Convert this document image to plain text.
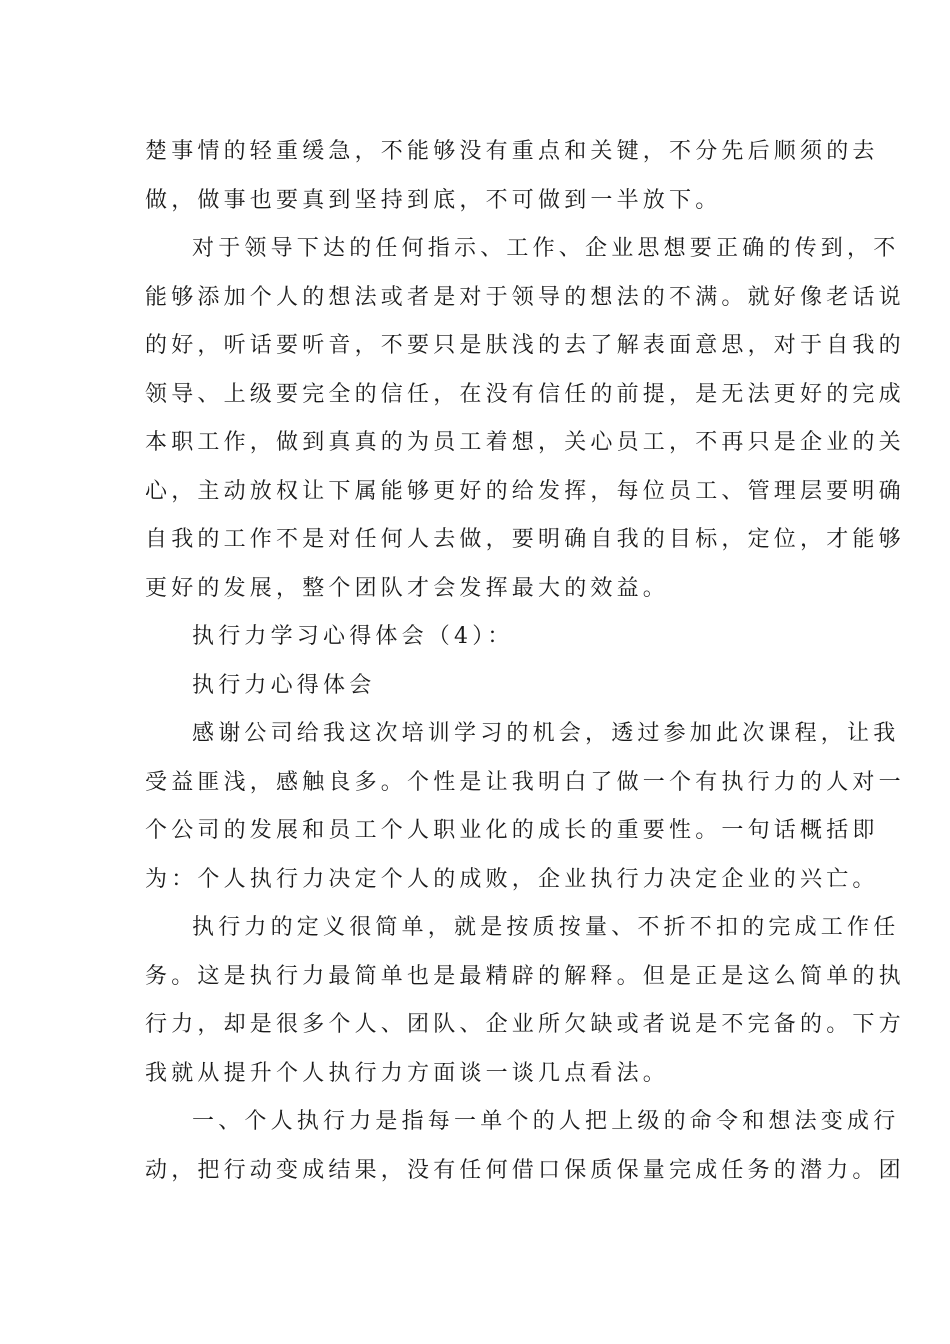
楚事情的轻重缓急，不能够没有重点和关键，不分先后顺须的去
做，做事也要真到坚持到底，不可做到一半放下。
对于领导下达的任何指示、工作、企业思想要正确的传到，不
能够添加个人的想法或者是对于领导的想法的不满。就好像老话说
的好，听话要听音，不要只是肤浅的去了解表面意思，对于自我的
领导、上级要完全的信任，在没有信任的前提，是无法更好的完成
本职工作，做到真真的为员工着想，关心员工，不再只是企业的关
心，主动放权让下属能够更好的给发挥，每位员工、管理层要明确
自我的工作不是对任何人去做，要明确自我的目标，定位，才能够
更好的发展，整个团队才会发挥最大的效益。
执行力学习心得体会（4）：
执行力心得体会
感谢公司给我这次培训学习的机会，透过参加此次课程，让我
受益匪浅，感触良多。个性是让我明白了做一个有执行力的人对一
个公司的发展和员工个人职业化的成长的重要性。一句话概括即
为：个人执行力决定个人的成败，企业执行力决定企业的兴亡。
执行力的定义很简单，就是按质按量、不折不扣的完成工作任
务。这是执行力最简单也是最精辟的解释。但是正是这么简单的执
行力，却是很多个人、团队、企业所欠缺或者说是不完备的。下方
我就从提升个人执行力方面谈一谈几点看法。
一、个人执行力是指每一单个的人把上级的命令和想法变成行
动，把行动变成结果，没有任何借口保质保量完成任务的潜力。团
